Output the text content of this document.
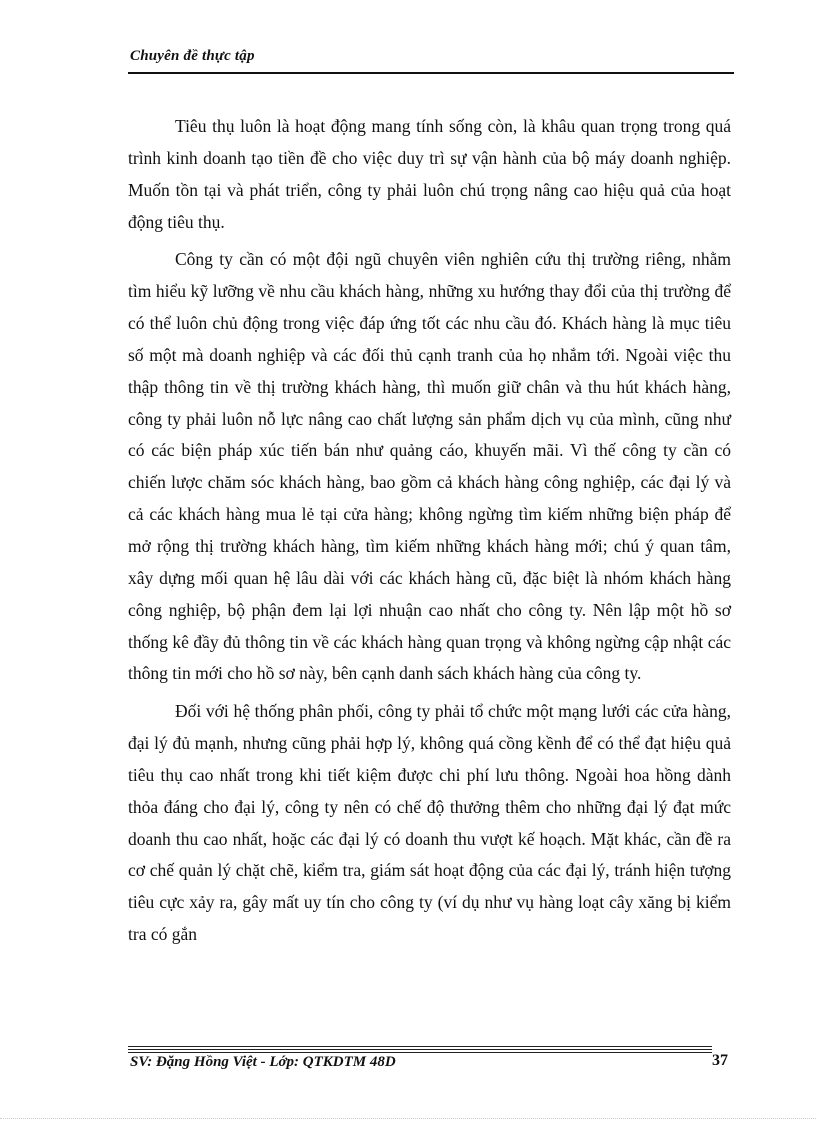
Chuyên đề thực tập

Tiêu thụ luôn là hoạt động mang tính sống còn, là khâu quan trọng trong quá trình kinh doanh tạo tiền đề cho việc duy trì sự vận hành của bộ máy doanh nghiệp. Muốn tồn tại và phát triển, công ty phải luôn chú trọng nâng cao hiệu quả của hoạt động tiêu thụ.

Công ty cần có một đội ngũ chuyên viên nghiên cứu thị trường riêng, nhằm tìm hiểu kỹ lưỡng về nhu cầu khách hàng, những xu hướng thay đổi của thị trường để có thể luôn chủ động trong việc đáp ứng tốt các nhu cầu đó. Khách hàng là mục tiêu số một mà doanh nghiệp và các đối thủ cạnh tranh của họ nhắm tới. Ngoài việc thu thập thông tin về thị trường khách hàng, thì muốn giữ chân và thu hút khách hàng, công ty phải luôn nỗ lực nâng cao chất lượng sản phẩm dịch vụ của mình, cũng như có các biện pháp xúc tiến bán như quảng cáo, khuyến mãi. Vì thế công ty cần có chiến lược chăm sóc khách hàng, bao gồm cả khách hàng công nghiệp, các đại lý và cả các khách hàng mua lẻ tại cửa hàng; không ngừng tìm kiếm những biện pháp để mở rộng thị trường khách hàng, tìm kiếm những khách hàng mới; chú ý quan tâm, xây dựng mối quan hệ lâu dài với các khách hàng cũ, đặc biệt là nhóm khách hàng công nghiệp, bộ phận đem lại lợi nhuận cao nhất cho công ty. Nên lập một hồ sơ thống kê đầy đủ thông tin về các khách hàng quan trọng và không ngừng cập nhật các thông tin mới cho hồ sơ này, bên cạnh danh sách khách hàng của công ty.

Đối với hệ thống phân phối, công ty phải tổ chức một mạng lưới các cửa hàng, đại lý đủ mạnh, nhưng cũng phải hợp lý, không quá cồng kềnh để có thể đạt hiệu quả tiêu thụ cao nhất trong khi tiết kiệm được chi phí lưu thông. Ngoài hoa hồng dành thỏa đáng cho đại lý, công ty nên có chế độ thưởng thêm cho những đại lý đạt mức doanh thu cao nhất, hoặc các đại lý có doanh thu vượt kế hoạch. Mặt khác, cần đề ra cơ chế quản lý chặt chẽ, kiểm tra, giám sát hoạt động của các đại lý, tránh hiện tượng tiêu cực xảy ra, gây mất uy tín cho công ty (ví dụ như vụ hàng loạt cây xăng bị kiểm tra có gắn

SV: Đặng Hồng Việt - Lớp: QTKDTM 48D	37
